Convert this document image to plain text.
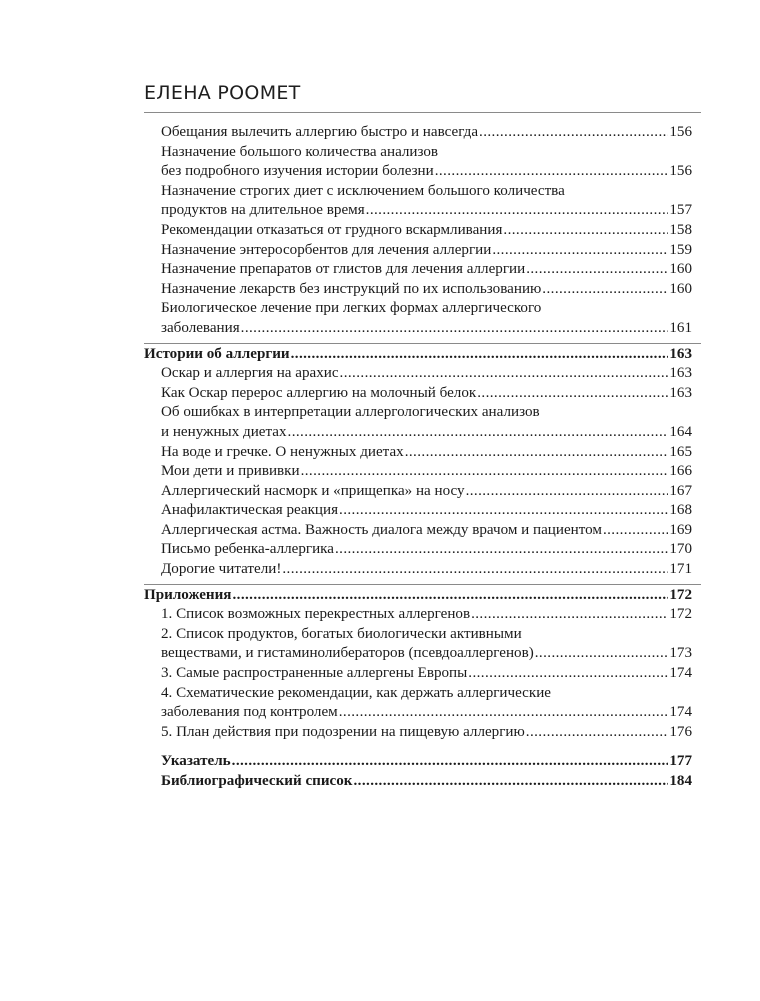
ЕЛЕНА РООМЕТ
Обещания вылечить аллергию быстро и навсегда .....	156
Назначение большого количества анализов
без подробного изучения истории болезни .....	156
Назначение строгих диет с исключением большого количества
продуктов на длительное время .....	157
Рекомендации отказаться от грудного вскармливания .....	158
Назначение энтеросорбентов для лечения аллергии .....	159
Назначение препаратов от глистов для лечения аллергии .....	160
Назначение лекарств без инструкций по их использованию .....	160
Биологическое лечение при легких формах аллергического
заболевания .....	161
Истории об аллергии .....	163
Оскар и аллергия на арахис .....	163
Как Оскар перерос аллергию на молочный белок .....	163
Об ошибках в интерпретации аллергологических анализов
и ненужных диетах .....	164
На воде и гречке. О ненужных диетах .....	165
Мои дети и прививки .....	166
Аллергический насморк и «прищепка» на носу .....	167
Анафилактическая реакция .....	168
Аллергическая астма. Важность диалога между врачом и пациентом .....	169
Письмо ребенка-аллергика .....	170
Дорогие читатели! .....	171
Приложения .....	172
1. Список возможных перекрестных аллергенов .....	172
2. Список продуктов, богатых биологически активными
веществами, и гистаминолибераторов (псевдоаллергенов) .....	173
3. Самые распространенные аллергены Европы .....	174
4. Схематические рекомендации, как держать аллергические
заболевания под контролем .....	174
5. План действия при подозрении на пищевую аллергию .....	176
Указатель .....	177
Библиографический список .....	184
